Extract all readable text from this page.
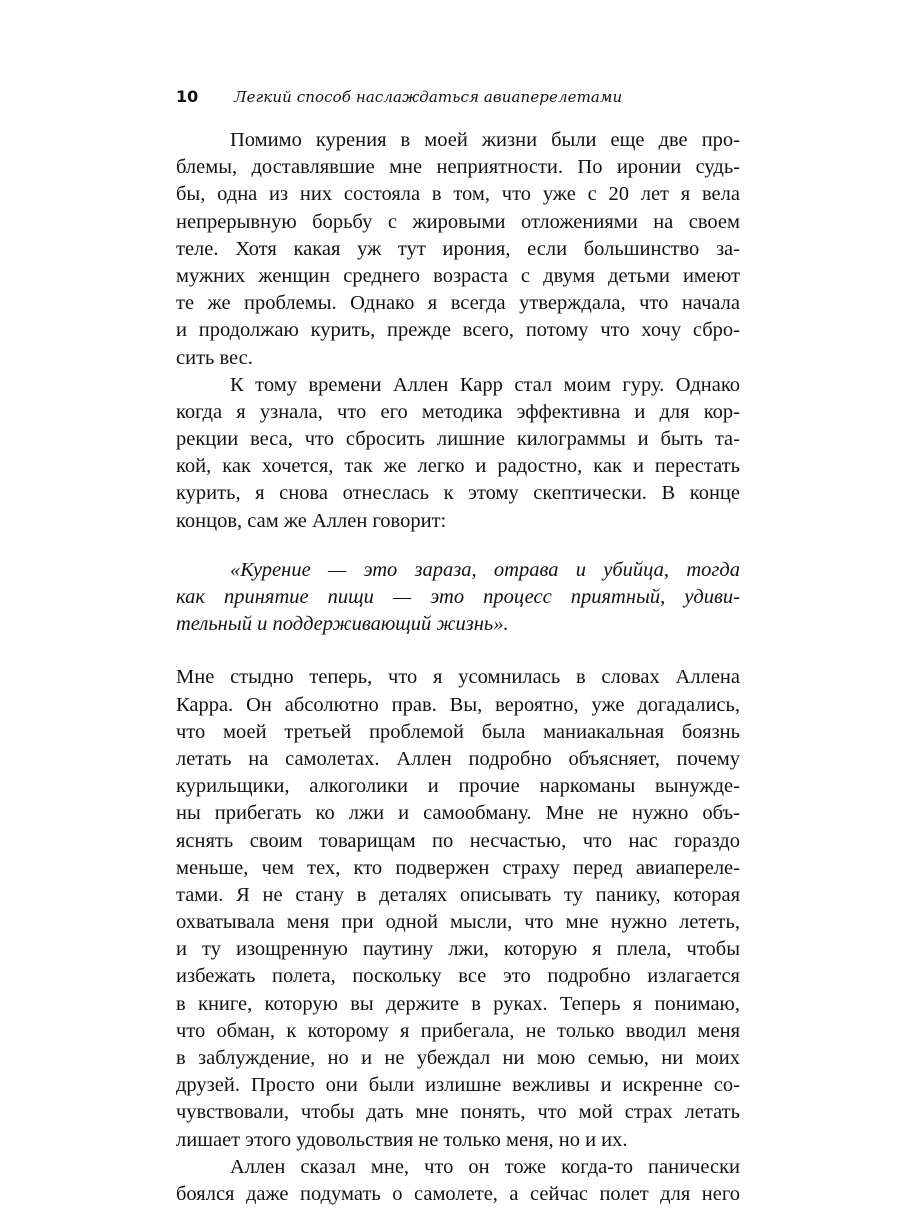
10 Легкий способ наслаждаться авиаперелетами
Помимо курения в моей жизни были еще две про-
блемы, доставлявшие мне неприятности. По иронии судь-
бы, одна из них состояла в том, что уже с 20 лет я вела
непрерывную борьбу с жировыми отложениями на своем
теле. Хотя какая уж тут ирония, если большинство за-
мужних женщин среднего возраста с двумя детьми имеют
те же проблемы. Однако я всегда утверждала, что начала
и продолжаю курить, прежде всего, потому что хочу сбро-
сить вес.
К тому времени Аллен Карр стал моим гуру. Однако
когда я узнала, что его методика эффективна и для кор-
рекции веса, что сбросить лишние килограммы и быть та-
кой, как хочется, так же легко и радостно, как и перестать
курить, я снова отнеслась к этому скептически. В конце
концов, сам же Аллен говорит:
«Курение — это зараза, отрава и убийца, тогда
как принятие пищи — это процесс приятный, удиви-
тельный и поддерживающий жизнь».
Мне стыдно теперь, что я усомнилась в словах Аллена
Карра. Он абсолютно прав. Вы, вероятно, уже догадались,
что моей третьей проблемой была маниакальная боязнь
летать на самолетах. Аллен подробно объясняет, почему
курильщики, алкоголики и прочие наркоманы вынужде-
ны прибегать ко лжи и самообману. Мне не нужно объ-
яснять своим товарищам по несчастью, что нас гораздо
меньше, чем тех, кто подвержен страху перед авиапереле-
тами. Я не стану в деталях описывать ту панику, которая
охватывала меня при одной мысли, что мне нужно лететь,
и ту изощренную паутину лжи, которую я плела, чтобы
избежать полета, поскольку все это подробно излагается
в книге, которую вы держите в руках. Теперь я понимаю,
что обман, к которому я прибегала, не только вводил меня
в заблуждение, но и не убеждал ни мою семью, ни моих
друзей. Просто они были излишне вежливы и искренне со-
чувствовали, чтобы дать мне понять, что мой страх летать
лишает этого удовольствия не только меня, но и их.
Аллен сказал мне, что он тоже когда-то панически
боялся даже подумать о самолете, а сейчас полет для него
